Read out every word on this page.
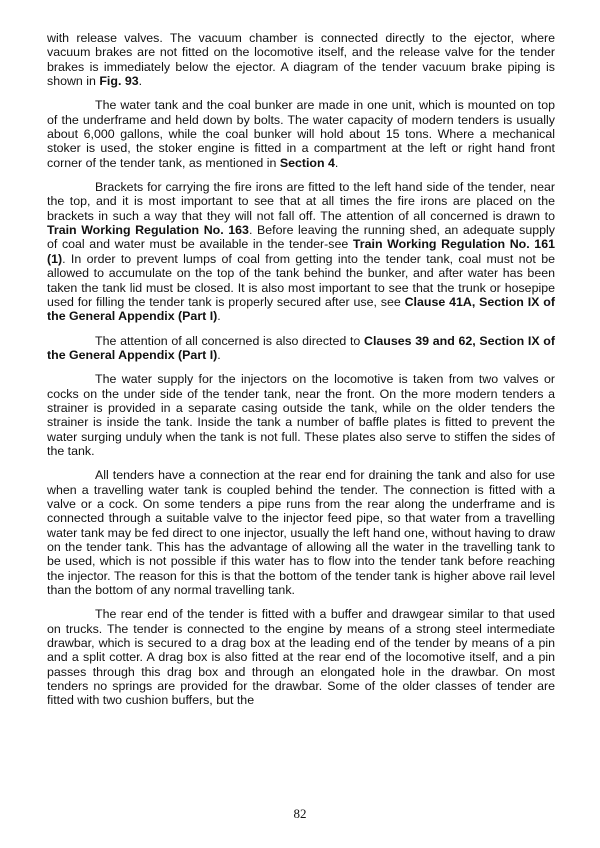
with release valves. The vacuum chamber is connected directly to the ejector, where vacuum brakes are not fitted on the locomotive itself, and the release valve for the tender brakes is immediately below the ejector. A diagram of the tender vacuum brake piping is shown in Fig. 93.

The water tank and the coal bunker are made in one unit, which is mounted on top of the underframe and held down by bolts. The water capacity of modern tenders is usually about 6,000 gallons, while the coal bunker will hold about 15 tons. Where a mechanical stoker is used, the stoker engine is fitted in a compartment at the left or right hand front corner of the tender tank, as mentioned in Section 4.

Brackets for carrying the fire irons are fitted to the left hand side of the tender, near the top, and it is most important to see that at all times the fire irons are placed on the brackets in such a way that they will not fall off. The attention of all concerned is drawn to Train Working Regulation No. 163. Before leaving the running shed, an adequate supply of coal and water must be available in the tender-see Train Working Regulation No. 161 (1). In order to prevent lumps of coal from getting into the tender tank, coal must not be allowed to accumulate on the top of the tank behind the bunker, and after water has been taken the tank lid must be closed. It is also most important to see that the trunk or hosepipe used for filling the tender tank is properly secured after use, see Clause 41A, Section IX of the General Appendix (Part I).

The attention of all concerned is also directed to Clauses 39 and 62, Section IX of the General Appendix (Part I).

The water supply for the injectors on the locomotive is taken from two valves or cocks on the under side of the tender tank, near the front. On the more modern tenders a strainer is provided in a separate casing outside the tank, while on the older tenders the strainer is inside the tank. Inside the tank a number of baffle plates is fitted to prevent the water surging unduly when the tank is not full. These plates also serve to stiffen the sides of the tank.

All tenders have a connection at the rear end for draining the tank and also for use when a travelling water tank is coupled behind the tender. The connection is fitted with a valve or a cock. On some tenders a pipe runs from the rear along the underframe and is connected through a suitable valve to the injector feed pipe, so that water from a travelling water tank may be fed direct to one injector, usually the left hand one, without having to draw on the tender tank. This has the advantage of allowing all the water in the travelling tank to be used, which is not possible if this water has to flow into the tender tank before reaching the injector. The reason for this is that the bottom of the tender tank is higher above rail level than the bottom of any normal travelling tank.

The rear end of the tender is fitted with a buffer and drawgear similar to that used on trucks. The tender is connected to the engine by means of a strong steel intermediate drawbar, which is secured to a drag box at the leading end of the tender by means of a pin and a split cotter. A drag box is also fitted at the rear end of the locomotive itself, and a pin passes through this drag box and through an elongated hole in the drawbar. On most tenders no springs are provided for the drawbar. Some of the older classes of tender are fitted with two cushion buffers, but the

82
